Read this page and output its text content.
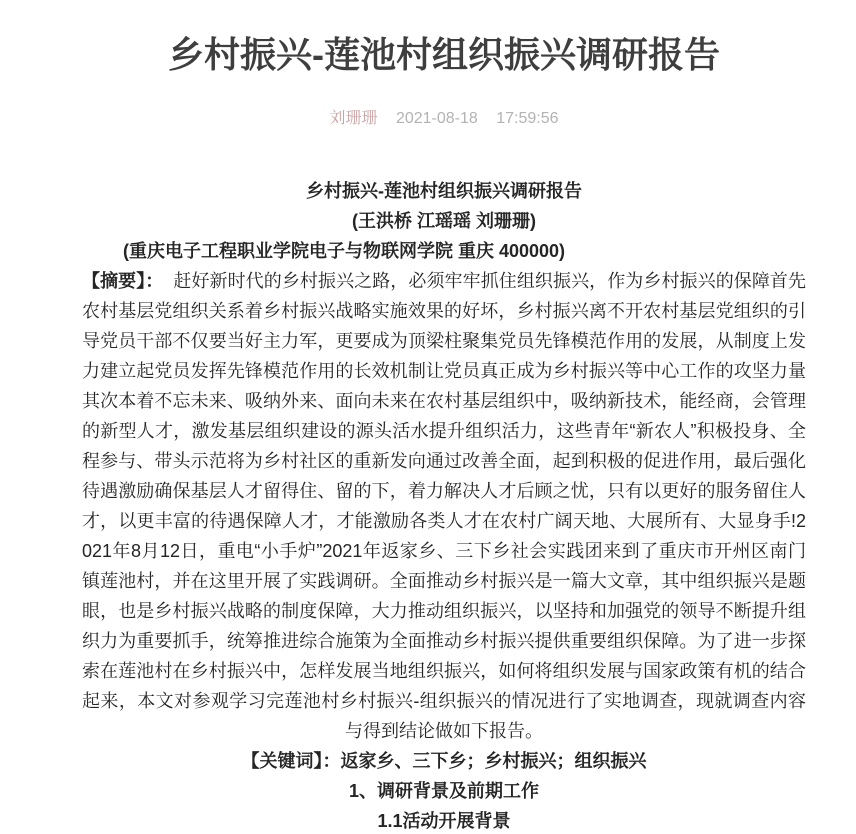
乡村振兴-莲池村组织振兴调研报告
刘珊珊 2021-08-18 17:59:56
乡村振兴-莲池村组织振兴调研报告
(王洪桥 江瑶瑶 刘珊珊)
(重庆电子工程职业学院电子与物联网学院 重庆 400000)

【摘要】： 赶好新时代的乡村振兴之路，必须牢牢抓住组织振兴，作为乡村振兴的保障首先农村基层党组织关系着乡村振兴战略实施效果的好坏，乡村振兴离不开农村基层党组织的引导党员干部不仅要当好主力军，更要成为顶梁柱聚集党员先锋模范作用的发展，从制度上发力建立起党员发挥先锋模范作用的长效机制让党员真正成为乡村振兴等中心工作的攻坚力量其次本着不忘未来、吸纳外来、面向未来在农村基层组织中，吸纳新技术，能经商，会管理的新型人才，激发基层组织建设的源头活水提升组织活力，这些青年“新农人”积极投身、全程参与、带头示范将为乡村社区的重新发向通过改善全面，起到积极的促进作用，最后强化待遇激励确保基层人才留得住、留的下，着力解决人才后顾之忧，只有以更好的服务留住人才，以更丰富的待遇保障人才，才能激励各类人才在农村广阔天地、大展所有、大显身手!2021年8月12日，重电“小手炉”2021年返家乡、三下乡社会实践团来到了重庆市开州区南门镇莲池村，并在这里开展了实践调研。全面推动乡村振兴是一篇大文章，其中组织振兴是题眼，也是乡村振兴战略的制度保障，大力推动组织振兴，以坚持和加强党的领导不断提升组织力为重要抓手，统筹推进综合施策为全面推动乡村振兴提供重要组织保障。为了进一步探索在莲池村在乡村振兴中，怎样发展当地组织振兴，如何将组织发展与国家政策有机的结合起来，本文对参观学习完莲池村乡村振兴-组织振兴的情况进行了实地调查，现就调查内容与得到结论做如下报告。

【关键词】：返家乡、三下乡；乡村振兴；组织振兴
1、调研背景及前期工作
1.1活动开展背景
